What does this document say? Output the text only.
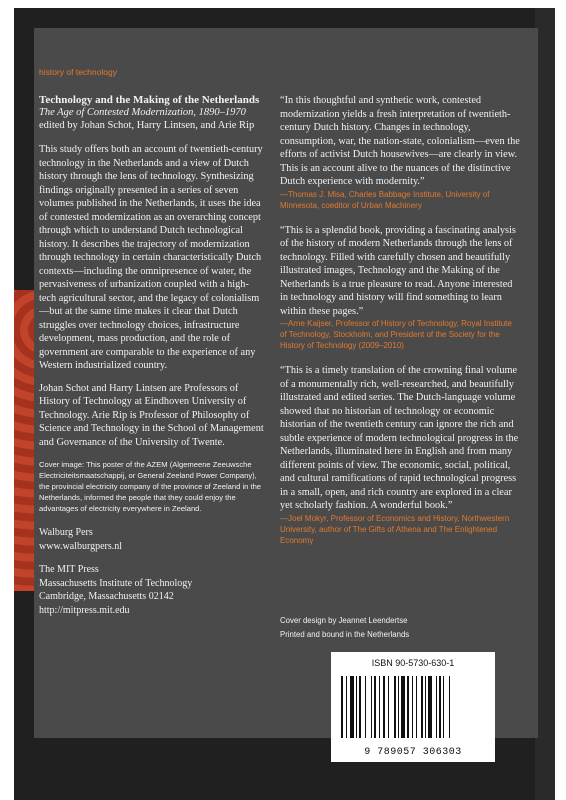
history of technology
Technology and the Making of the Netherlands
The Age of Contested Modernization, 1890–1970
edited by Johan Schot, Harry Lintsen, and Arie Rip

This study offers both an account of twentieth-century technology in the Netherlands and a view of Dutch history through the lens of technology. Synthesizing findings originally presented in a series of seven volumes published in the Netherlands, it uses the idea of contested modernization as an overarching concept through which to understand Dutch technological history. It describes the trajectory of modernization through technology in certain characteristically Dutch contexts—including the omnipresence of water, the pervasiveness of urbanization coupled with a high-tech agricultural sector, and the legacy of colonialism—but at the same time makes it clear that Dutch struggles over technology choices, infrastructure development, mass production, and the role of government are comparable to the experience of any Western industrialized country.

Johan Schot and Harry Lintsen are Professors of History of Technology at Eindhoven University of Technology. Arie Rip is Professor of Philosophy of Science and Technology in the School of Management and Governance of the University of Twente.

Cover image: This poster of the AZEM (Algemeene Zeeuwsche Electriciteitsmaatschappij, or General Zeeland Power Company), the provincial electricity company of the province of Zeeland in the Netherlands, informed the people that they could enjoy the advantages of electricity everywhere in Zeeland.
Walburg Pers
www.walburgpers.nl
The MIT Press
Massachusetts Institute of Technology
Cambridge, Massachusetts 02142
http://mitpress.mit.edu
“In this thoughtful and synthetic work, contested modernization yields a fresh interpretation of twentieth-century Dutch history. Changes in technology, consumption, war, the nation-state, colonialism—even the efforts of activist Dutch housewives—are clearly in view. This is an account alive to the nuances of the distinctive Dutch experience with modernity.”
—Thomas J. Misa, Charles Babbage Institute, University of Minnesota, coeditor of Urban Machinery
“This is a splendid book, providing a fascinating analysis of the history of modern Netherlands through the lens of technology. Filled with carefully chosen and beautifully illustrated images, Technology and the Making of the Netherlands is a true pleasure to read. Anyone interested in technology and history will find something to learn within these pages.”
—Arne Kaijser, Professor of History of Technology, Royal Institute of Technology, Stockholm, and President of the Society for the History of Technology (2009–2010)
“This is a timely translation of the crowning final volume of a monumentally rich, well-researched, and beautifully illustrated and edited series. The Dutch-language volume showed that no historian of technology or economic historian of the twentieth century can ignore the rich and subtle experience of modern technological progress in the Netherlands, illuminated here in English and from many different points of view. The economic, social, political, and cultural ramifications of rapid technological progress in a small, open, and rich country are explored in a clear yet scholarly fashion. A wonderful book.”
—Joel Mokyr, Professor of Economics and History, Northwestern University, author of The Gifts of Athena and The Enlightened Economy
Cover design by Jeannet Leendertse
Printed and bound in the Netherlands
ISBN 90-5730-630-1
9 789057 306303
